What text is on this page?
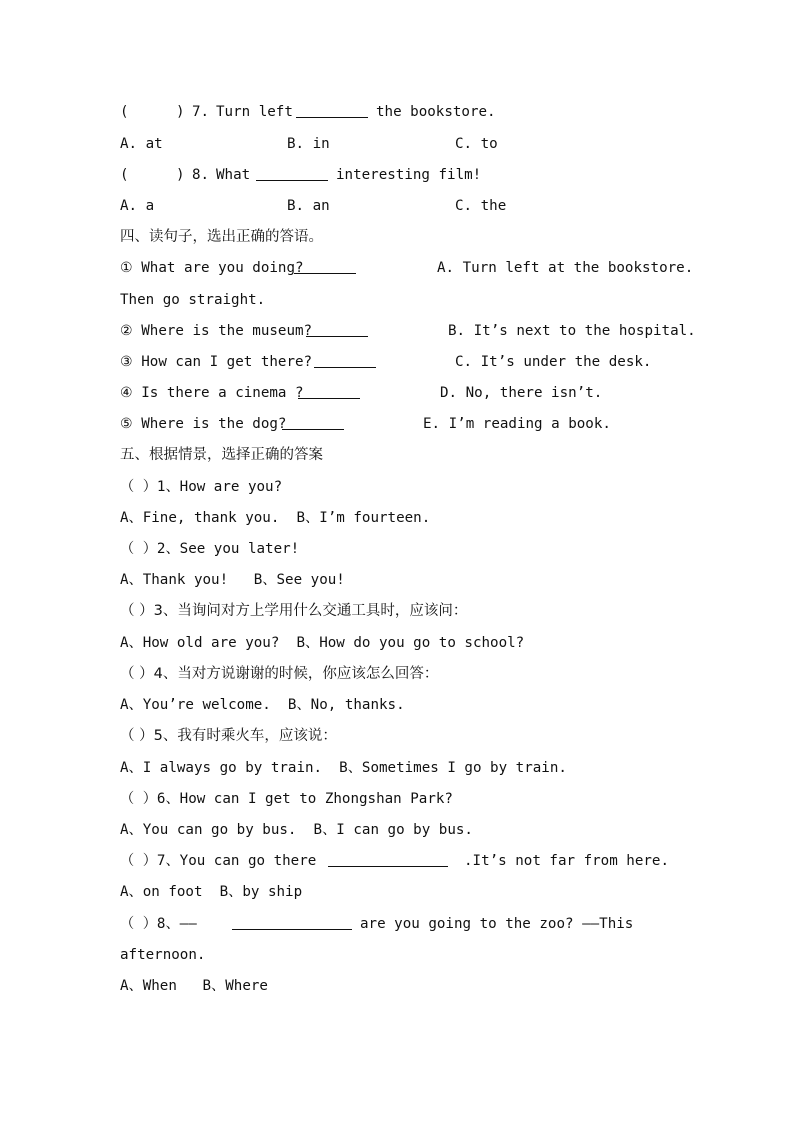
(

	)

7.

Turn left

	the bookstore.

A. at

	B. in

	C. to

(

	)

8.

What

	interesting film!

A. a

	B. an

	C. the

四、读句子，选出正确的答语。

① What are you doing?

	A. Turn left at the bookstore.

Then go straight.

② Where is the museum?

	B. It’s next to the hospital.

③ How can I get there?

	C. It’s under the desk.

④ Is there a cinema ?

	D. No, there isn’t.

⑤ Where is the dog?

	E. I’m reading a book.

五、根据情景，选择正确的答案
（ ）1、How are you?
A、Fine, thank you.  B、I’m fourteen.
（ ）2、See you later!
A、Thank you!   B、See you!
（ ）3、当询问对方上学用什么交通工具时，应该问：
A、How old are you?  B、How do you go to school?
（ ）4、当对方说谢谢的时候，你应该怎么回答：
A、You’re welcome.  B、No, thanks.
（ ）5、我有时乘火车，应该说：
A、I always go by train.  B、Sometimes I go by train.
（ ）6、How can I get to Zhongshan Park?
A、You can go by bus.  B、I can go by bus.

（ ）7、You can go there

	.It’s not far from here.

A、on foot  B、by ship

（ ）8、——

	are you going to the zoo? ——This

afternoon.
A、When   B、Where
